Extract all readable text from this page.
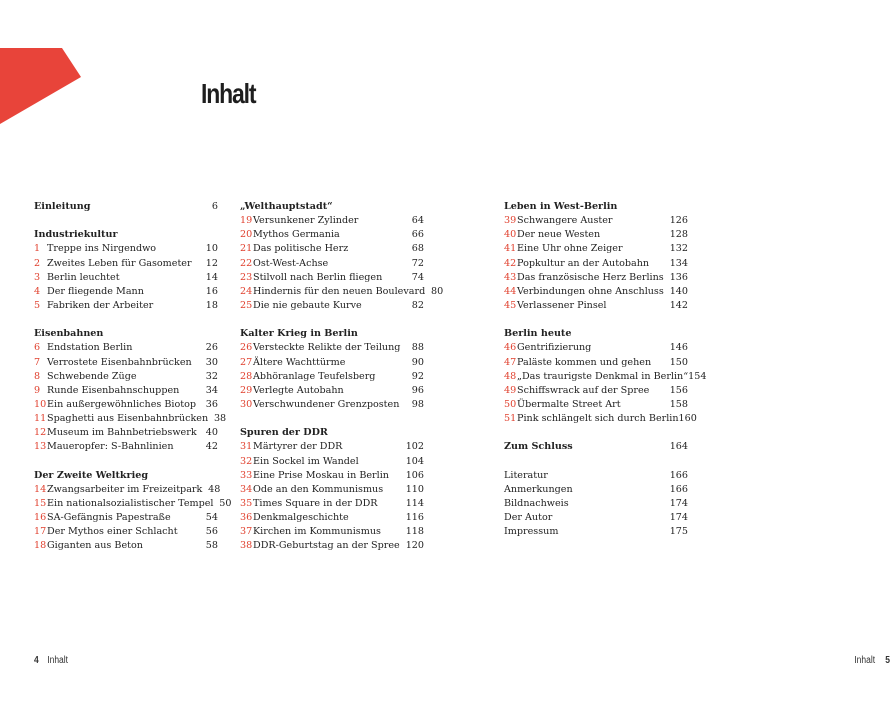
Inhalt
Einleitung	6
Industriekultur
1 Treppe ins Nirgendwo	10
2 Zweites Leben für Gasometer	12
3 Berlin leuchtet	14
4 Der fliegende Mann	16
5 Fabriken der Arbeiter	18
Eisenbahnen
6 Endstation Berlin	26
7 Verrostete Eisenbahnbrücken	30
8 Schwebende Züge	32
9 Runde Eisenbahnschuppen	34
10 Ein außergewöhnliches Biotop	36
11 Spaghetti aus Eisenbahnbrücken 38
12 Museum im Bahnbetriebswerk 40
13 Maueropfer: S-Bahnlinien	42
Der Zweite Weltkrieg
14 Zwangsarbeiter im Freizeitpark 48
15 Ein nationalsozialistischer Tempel 50
16 SA-Gefängnis Papestraße	54
17 Der Mythos einer Schlacht	56
18 Giganten aus Beton	58
„Welthauptstadt“
19 Versunkener Zylinder	64
20 Mythos Germania	66
21 Das politische Herz	68
22 Ost-West-Achse	72
23 Stilvoll nach Berlin fliegen	74
24 Hindernis für den neuen Boulevard 80
25 Die nie gebaute Kurve	82
Kalter Krieg in Berlin
26 Versteckte Relikte der Teilung	88
27 Ältere Wachttürme	90
28 Abhöranlage Teufelsberg	92
29 Verlegte Autobahn	96
30 Verschwundener Grenzposten	98
Spuren der DDR
31 Märtyrer der DDR	102
32 Ein Sockel im Wandel	104
33 Eine Prise Moskau in Berlin	106
34 Ode an den Kommunismus	110
35 Times Square in der DDR	114
36 Denkmalgeschichte	116
37 Kirchen im Kommunismus	118
38 DDR-Geburtstag an der Spree 120
Leben in West-Berlin
39 Schwangere Auster	126
40 Der neue Westen	128
41 Eine Uhr ohne Zeiger	132
42 Popkultur an der Autobahn	134
43 Das französische Herz Berlins 136
44 Verbindungen ohne Anschluss 140
45 Verlassener Pinsel	142
Berlin heute
46 Gentrifizierung	146
47 Paläste kommen und gehen	150
48 „Das traurigste Denkmal in Berlin“ 154
49 Schiffswrack auf der Spree	156
50 Übermalte Street Art	158
51 Pink schlängelt sich durch Berlin 160
Zum Schluss	164
Literatur	166
Anmerkungen	166
Bildnachweis	174
Der Autor	174
Impressum	175
4 Inhalt	Inhalt 5
